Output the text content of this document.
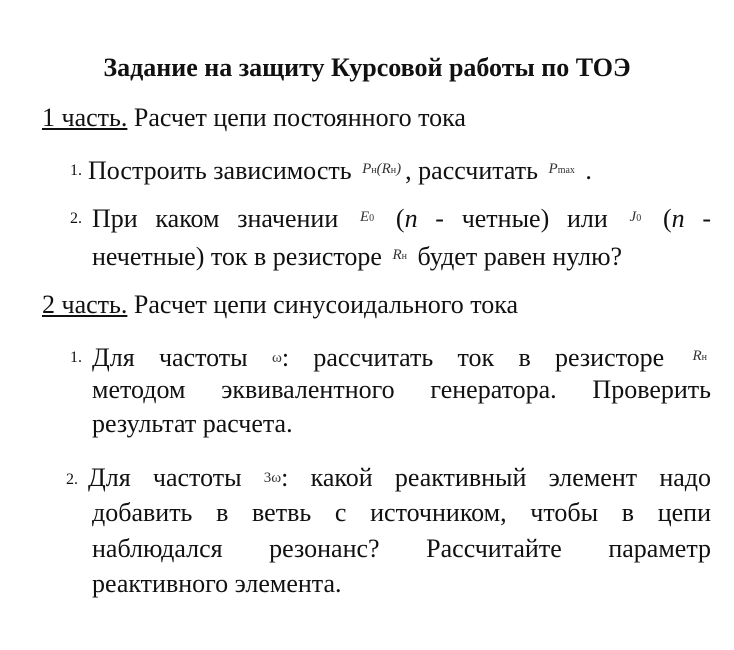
Задание на защиту Курсовой работы по ТОЭ
1 часть. Расчет цепи постоянного тока
1. Построить зависимость $^{Pн(Rн)}$ , рассчитать $^{Pmax}$ .
2. При каком значении $^{E0}$ (n - четные) или $^{J0}$ (n -
нечетные) ток в резисторе $^{Rн}$ будет равен нулю?
2 часть. Расчет цепи синусоидального тока
1. Для частоты ω: рассчитать ток в резисторе $^{Rн}$
методом эквивалентного генератора. Проверить
результат расчета.
2. Для частоты 3ω: какой реактивный элемент надо
добавить в ветвь с источником, чтобы в цепи
наблюдался резонанс? Рассчитайте параметр
реактивного элемента.
